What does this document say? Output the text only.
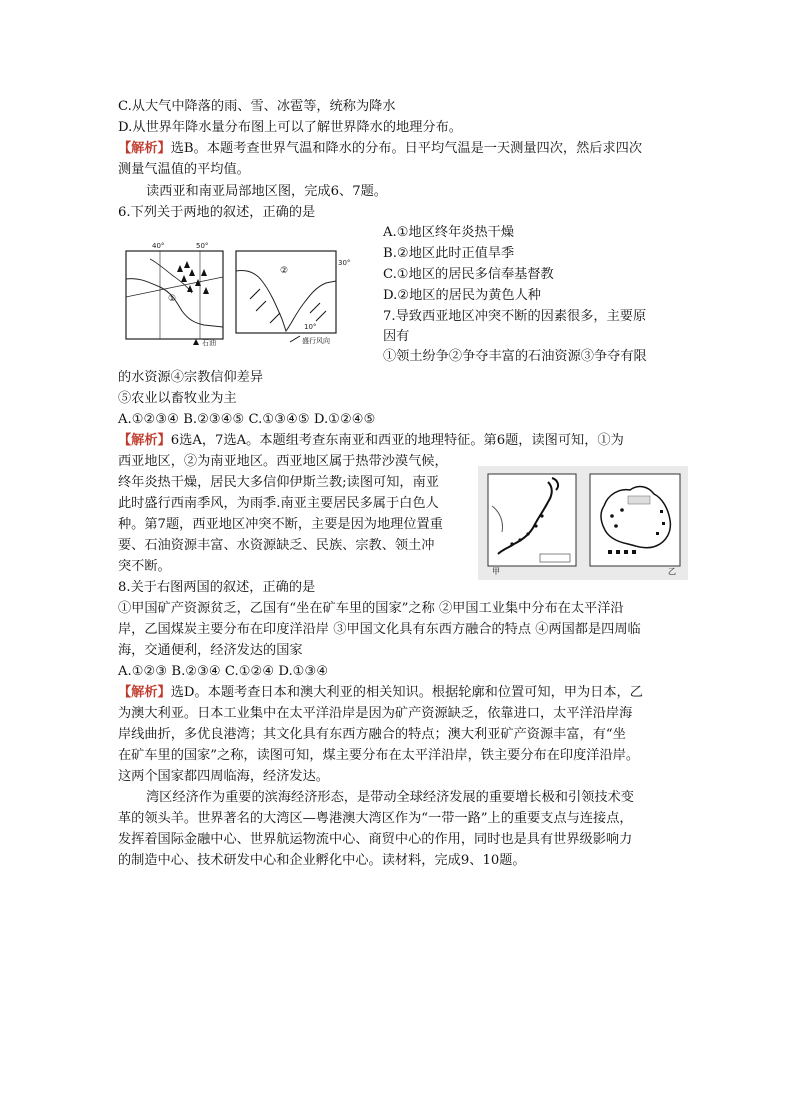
C.从大气中降落的雨、雪、冰雹等，统称为降水
D.从世界年降水量分布图上可以了解世界降水的地理分布。
【解析】选B。本题考查世界气温和降水的分布。日平均气温是一天测量四次，然后求四次
测量气温值的平均值。
读西亚和南亚局部地区图，完成6、7题。
6.下列关于两地的叙述，正确的是
A.①地区终年炎热干燥
B.②地区此时正值旱季
C.①地区的居民多信奉基督教
D.②地区的居民为黄色人种
40°	50°
①
②
30°
10°
石油	盛行风向
7.导致西亚地区冲突不断的因素很多，主要原
因有
①领土纷争②争夺丰富的石油资源③争夺有限
的水资源④宗教信仰差异
⑤农业以畜牧业为主
A.①②③④ B.②③④⑤ C.①③④⑤ D.①②④⑤
【解析】6选A，7选A。本题组考查东南亚和西亚的地理特征。第6题，读图可知，①为
西亚地区，②为南亚地区。西亚地区属于热带沙漠气候，
终年炎热干燥，居民大多信仰伊斯兰教;读图可知，南亚
此时盛行西南季风，为雨季.南亚主要居民多属于白色人
种。第7题，西亚地区冲突不断，主要是因为地理位置重
要、石油资源丰富、水资源缺乏、民族、宗教、领土冲
突不断。	甲	乙
8.关于右图两国的叙述，正确的是
①甲国矿产资源贫乏，乙国有“坐在矿车里的国家”之称 ②甲国工业集中分布在太平洋沿
岸，乙国煤炭主要分布在印度洋沿岸 ③甲国文化具有东西方融合的特点 ④两国都是四周临
海，交通便利，经济发达的国家
A.①②③ B.②③④ C.①②④ D.①③④
【解析】选D。本题考查日本和澳大利亚的相关知识。根据轮廓和位置可知，甲为日本，乙
为澳大利亚。日本工业集中在太平洋沿岸是因为矿产资源缺乏，依靠进口，太平洋沿岸海
岸线曲折，多优良港湾；其文化具有东西方融合的特点；澳大利亚矿产资源丰富，有“坐
在矿车里的国家”之称，读图可知，煤主要分布在太平洋沿岸，铁主要分布在印度洋沿岸。
这两个国家都四周临海，经济发达。
湾区经济作为重要的滨海经济形态，是带动全球经济发展的重要增长极和引领技术变
革的领头羊。世界著名的大湾区—粤港澳大湾区作为“一带一路”上的重要支点与连接点，
发挥着国际金融中心、世界航运物流中心、商贸中心的作用，同时也是具有世界级影响力
的制造中心、技术研发中心和企业孵化中心。读材料，完成9、10题。
